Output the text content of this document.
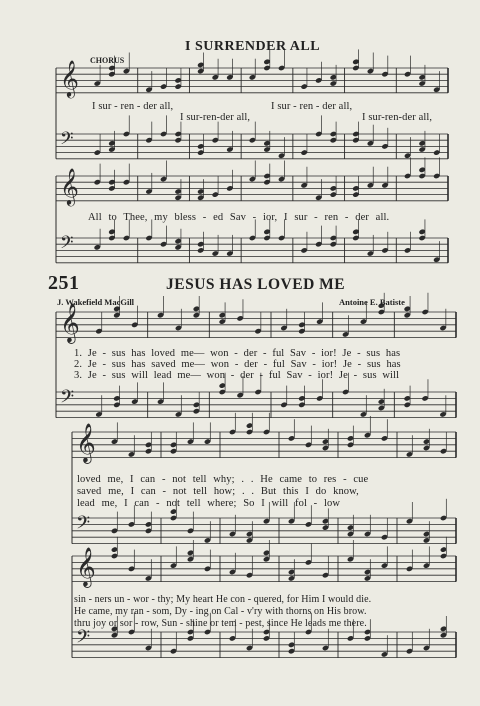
𝄞
𝄢
𝄞
𝄢
𝄞
𝄢
𝄞
𝄢
𝄞
𝄢
I SURRENDER ALL
CHORUS
I sur - ren - der all,	I sur - ren - der all,
I sur-ren-der all,	I sur-ren-der all,
All to Thee, my bless - ed Sav - ior, I sur - ren - der all.
251	JESUS HAS LOVED ME
J. Wakefield MacGill	Antoine E. Batiste
1. Je - sus has loved me— won - der - ful Sav - ior! Je - sus has
2. Je - sus has saved me— won - der - ful Sav - ior! Je - sus has
3. Je - sus will lead me— won - der - ful Sav - ior! Je - sus will
loved me, I can - not tell why; . . He came to res - cue
saved me, I can - not tell how; . . But this I do know,
lead me, I can - not tell where; So I will fol - low
sin - ners un - wor - thy; My heart He con - quered, for Him I would die.
He came, my ran - som, Dy - ing on Cal - v'ry with thorns on His brow.
thru joy or sor - row, Sun - shine or tem - pest, since He leads me there.
